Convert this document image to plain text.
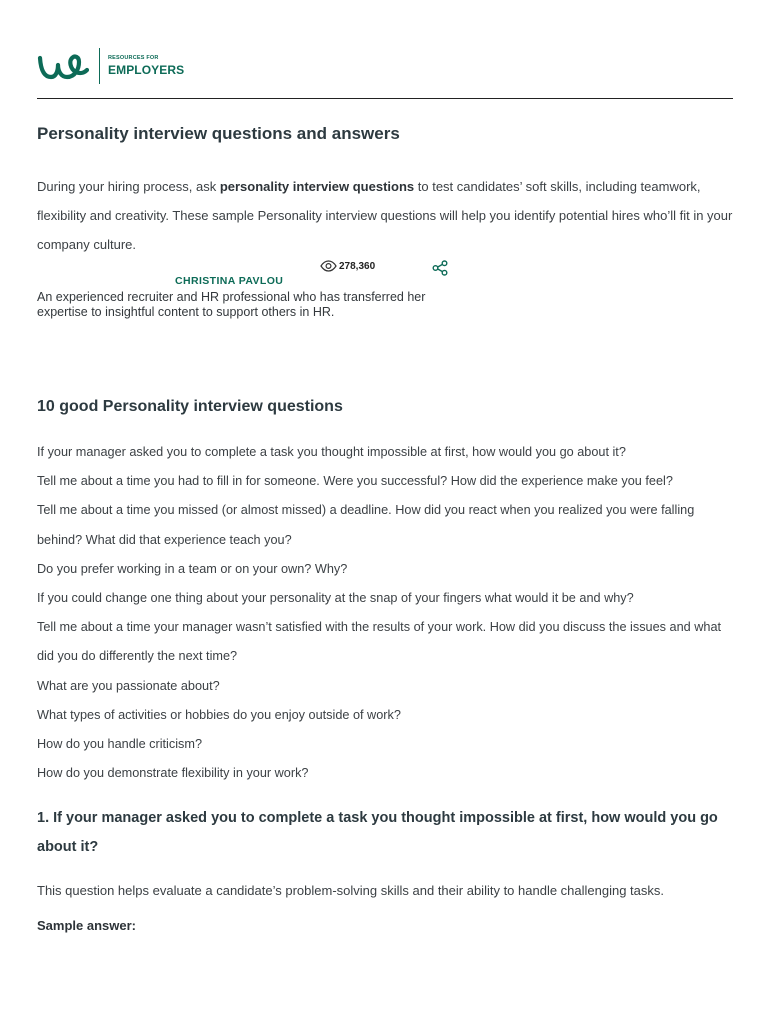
RESOURCES FOR
EMPLOYERS
Personality interview questions and answers

During your hiring process, ask personality interview questions to test candidates’ soft skills, including teamwork, flexibility and creativity. These sample Personality interview questions will help you identify potential hires who’ll fit in your company culture.

278,360

CHRISTINA PAVLOU

An experienced recruiter and HR professional who has transferred her expertise to insightful content to support others in HR.

10 good Personality interview questions
If your manager asked you to complete a task you thought impossible at first, how would you go about it?
Tell me about a time you had to fill in for someone. Were you successful? How did the experience make you feel?
Tell me about a time you missed (or almost missed) a deadline. How did you react when you realized you were falling behind? What did that experience teach you?
Do you prefer working in a team or on your own? Why?
If you could change one thing about your personality at the snap of your fingers what would it be and why?
Tell me about a time your manager wasn’t satisfied with the results of your work. How did you discuss the issues and what did you do differently the next time?
What are you passionate about?
What types of activities or hobbies do you enjoy outside of work?
How do you handle criticism?
How do you demonstrate flexibility in your work?
1. If your manager asked you to complete a task you thought impossible at first, how would you go about it?

This question helps evaluate a candidate’s problem-solving skills and their ability to handle challenging tasks.

Sample answer:
